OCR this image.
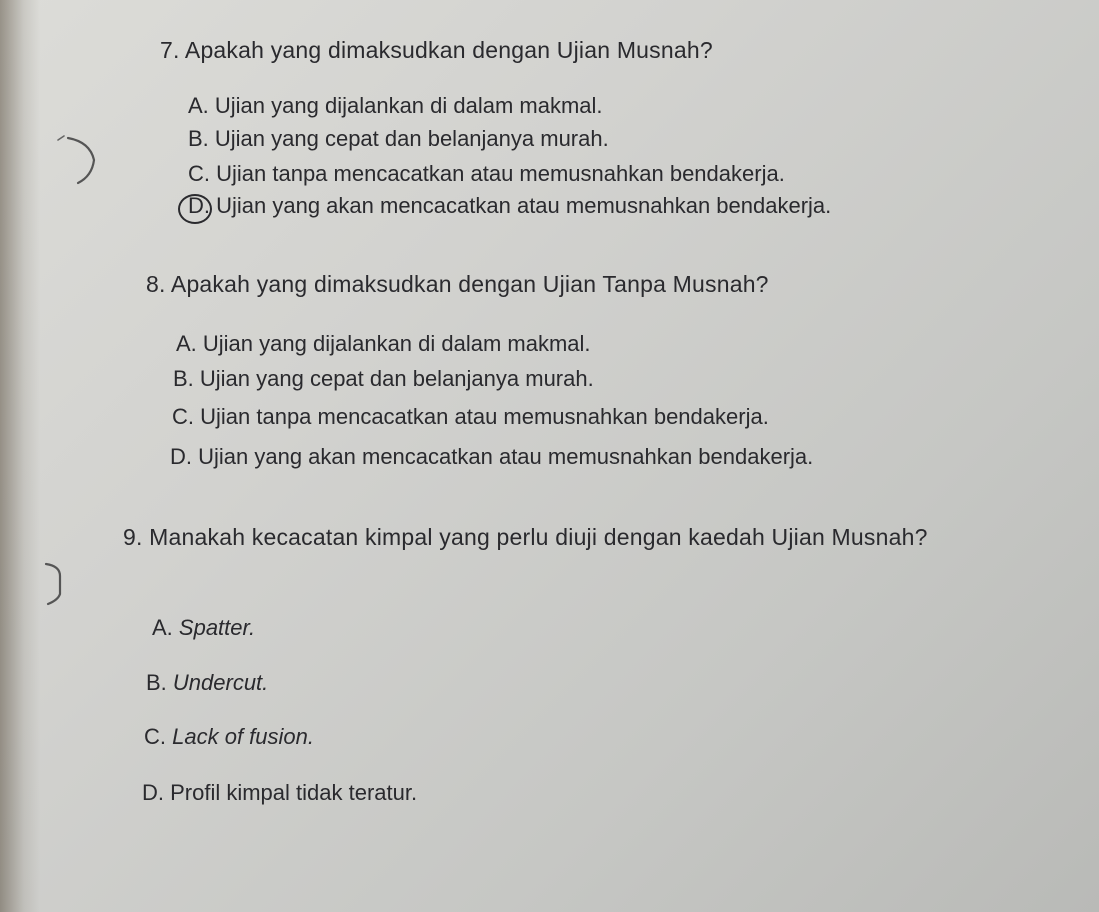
7. Apakah yang dimaksudkan dengan Ujian Musnah?
A. Ujian yang dijalankan di dalam makmal.
B. Ujian yang cepat dan belanjanya murah.
C. Ujian tanpa mencacatkan atau memusnahkan bendakerja.
D. Ujian yang akan mencacatkan atau memusnahkan bendakerja.
8. Apakah yang dimaksudkan dengan Ujian Tanpa Musnah?
A. Ujian yang dijalankan di dalam makmal.
B. Ujian yang cepat dan belanjanya murah.
C. Ujian tanpa mencacatkan atau memusnahkan bendakerja.
D. Ujian yang akan mencacatkan atau memusnahkan bendakerja.
9. Manakah kecacatan kimpal yang perlu diuji dengan kaedah Ujian Musnah?
A. Spatter.
B. Undercut.
C. Lack of fusion.
D. Profil kimpal tidak teratur.
